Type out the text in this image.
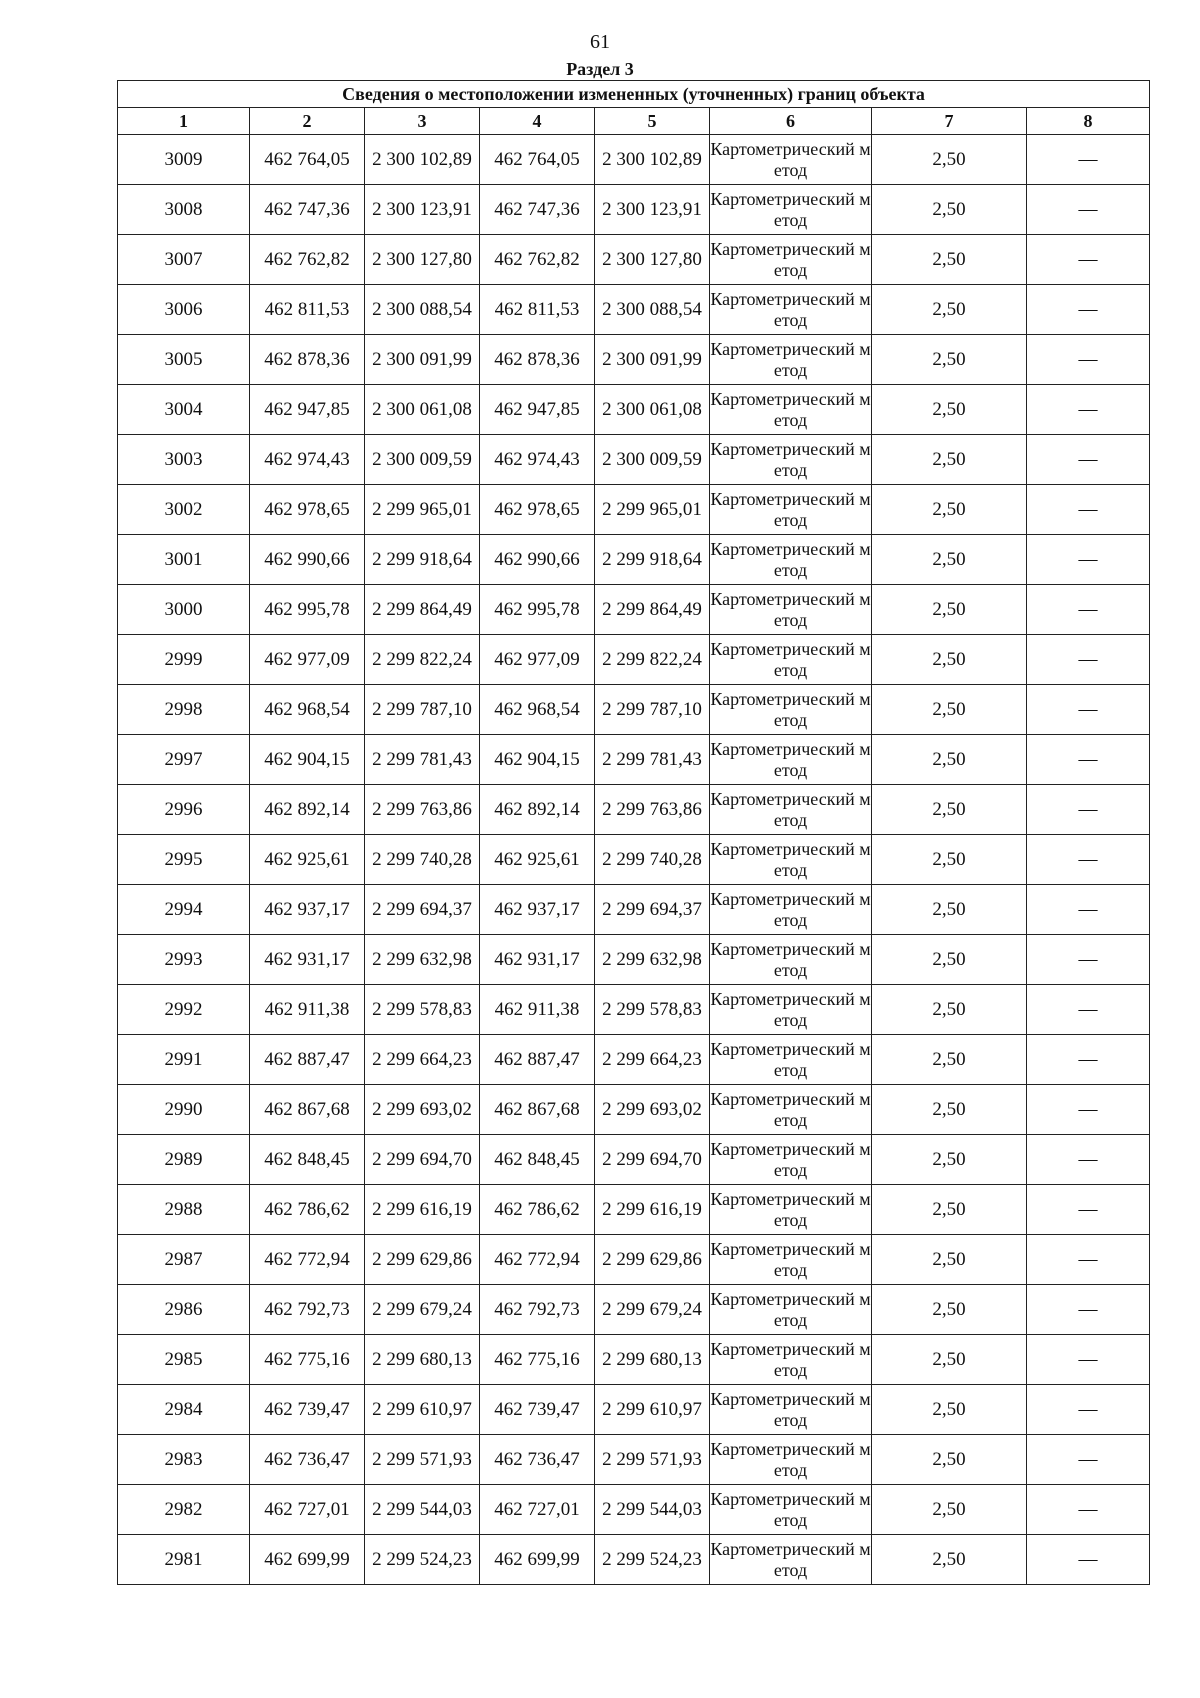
61
Раздел 3
Сведения о местоположении измененных (уточненных) границ объекта							
1	2	3	4	5	6	7	8
3009	462 764,05	2 300 102,89	462 764,05	2 300 102,89	Картометрический метод	2,50	—
3008	462 747,36	2 300 123,91	462 747,36	2 300 123,91	Картометрический метод	2,50	—
3007	462 762,82	2 300 127,80	462 762,82	2 300 127,80	Картометрический метод	2,50	—
3006	462 811,53	2 300 088,54	462 811,53	2 300 088,54	Картометрический метод	2,50	—
3005	462 878,36	2 300 091,99	462 878,36	2 300 091,99	Картометрический метод	2,50	—
3004	462 947,85	2 300 061,08	462 947,85	2 300 061,08	Картометрический метод	2,50	—
3003	462 974,43	2 300 009,59	462 974,43	2 300 009,59	Картометрический метод	2,50	—
3002	462 978,65	2 299 965,01	462 978,65	2 299 965,01	Картометрический метод	2,50	—
3001	462 990,66	2 299 918,64	462 990,66	2 299 918,64	Картометрический метод	2,50	—
3000	462 995,78	2 299 864,49	462 995,78	2 299 864,49	Картометрический метод	2,50	—
2999	462 977,09	2 299 822,24	462 977,09	2 299 822,24	Картометрический метод	2,50	—
2998	462 968,54	2 299 787,10	462 968,54	2 299 787,10	Картометрический метод	2,50	—
2997	462 904,15	2 299 781,43	462 904,15	2 299 781,43	Картометрический метод	2,50	—
2996	462 892,14	2 299 763,86	462 892,14	2 299 763,86	Картометрический метод	2,50	—
2995	462 925,61	2 299 740,28	462 925,61	2 299 740,28	Картометрический метод	2,50	—
2994	462 937,17	2 299 694,37	462 937,17	2 299 694,37	Картометрический метод	2,50	—
2993	462 931,17	2 299 632,98	462 931,17	2 299 632,98	Картометрический метод	2,50	—
2992	462 911,38	2 299 578,83	462 911,38	2 299 578,83	Картометрический метод	2,50	—
2991	462 887,47	2 299 664,23	462 887,47	2 299 664,23	Картометрический метод	2,50	—
2990	462 867,68	2 299 693,02	462 867,68	2 299 693,02	Картометрический метод	2,50	—
2989	462 848,45	2 299 694,70	462 848,45	2 299 694,70	Картометрический метод	2,50	—
2988	462 786,62	2 299 616,19	462 786,62	2 299 616,19	Картометрический метод	2,50	—
2987	462 772,94	2 299 629,86	462 772,94	2 299 629,86	Картометрический метод	2,50	—
2986	462 792,73	2 299 679,24	462 792,73	2 299 679,24	Картометрический метод	2,50	—
2985	462 775,16	2 299 680,13	462 775,16	2 299 680,13	Картометрический метод	2,50	—
2984	462 739,47	2 299 610,97	462 739,47	2 299 610,97	Картометрический метод	2,50	—
2983	462 736,47	2 299 571,93	462 736,47	2 299 571,93	Картометрический метод	2,50	—
2982	462 727,01	2 299 544,03	462 727,01	2 299 544,03	Картометрический метод	2,50	—
2981	462 699,99	2 299 524,23	462 699,99	2 299 524,23	Картометрический метод	2,50	—
